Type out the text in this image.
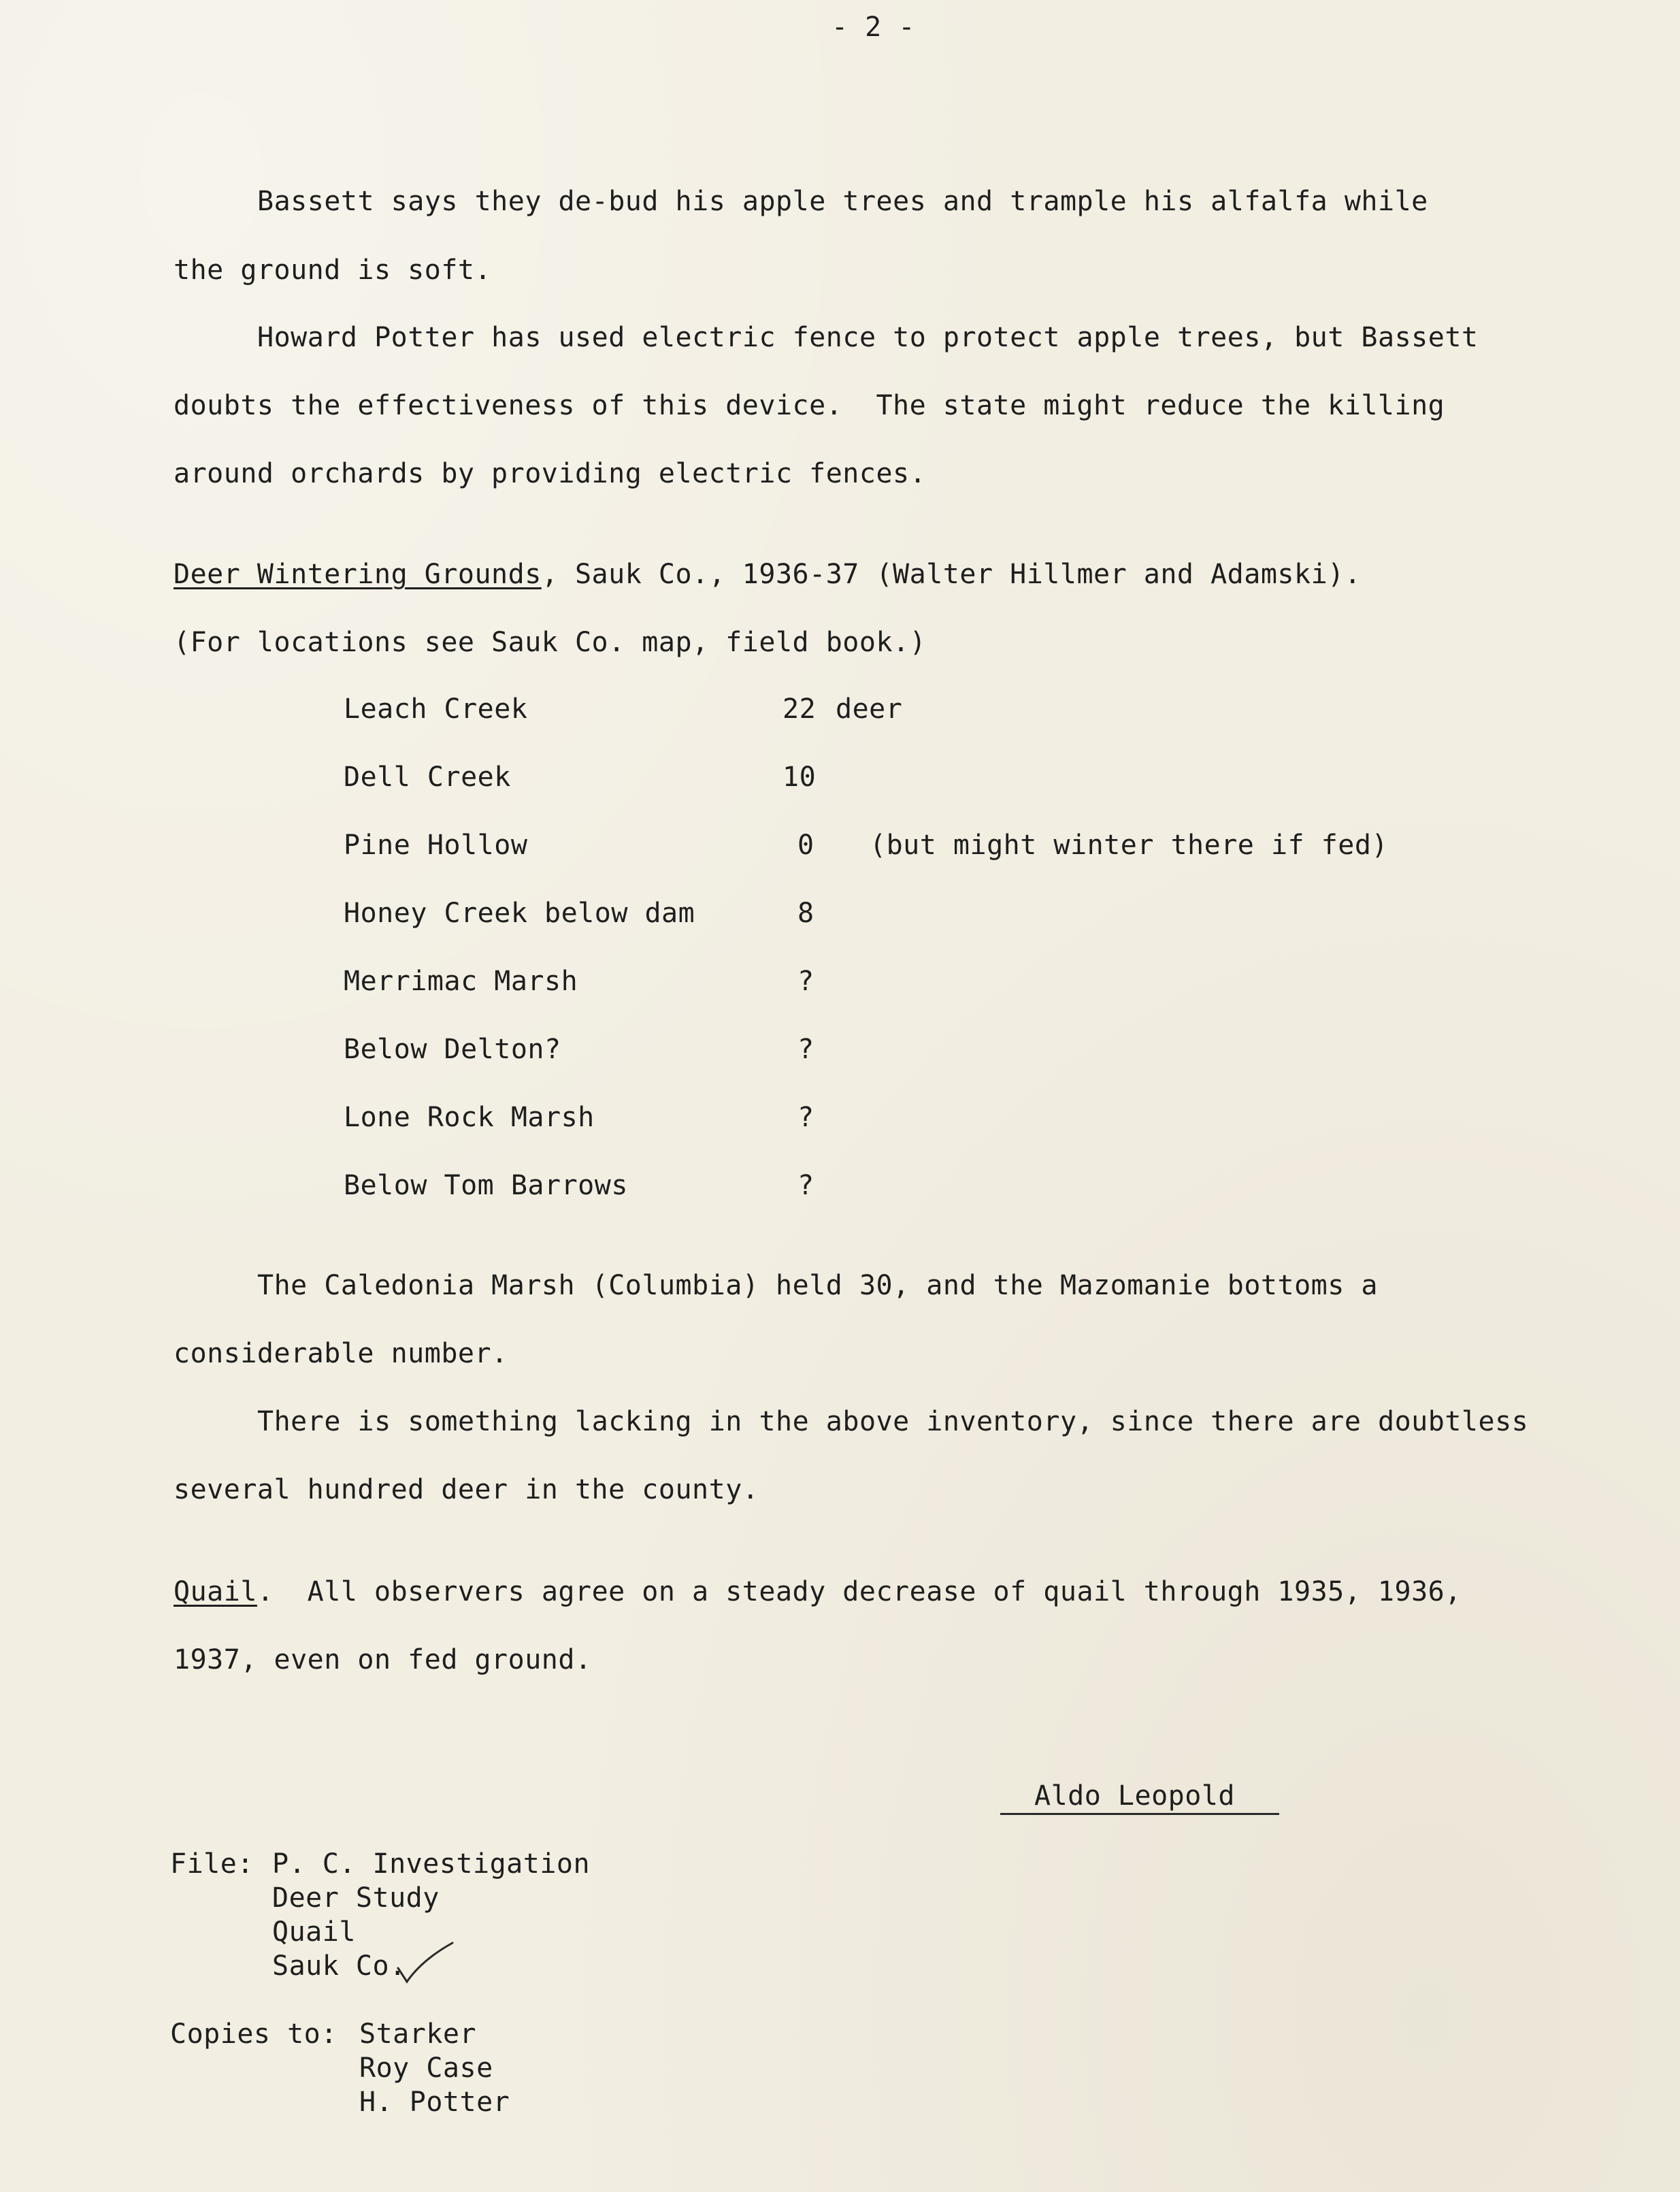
- 2 -
Bassett says they de-bud his apple trees and trample his alfalfa while
the ground is soft.
Howard Potter has used electric fence to protect apple trees, but Bassett
doubts the effectiveness of this device.  The state might reduce the killing
around orchards by providing electric fences.
Deer Wintering Grounds, Sauk Co., 1936-37 (Walter Hillmer and Adamski).
(For locations see Sauk Co. map, field book.)
Leach Creek	22 deer
Dell Creek	10
Pine Hollow	0 (but might winter there if fed)
Honey Creek below dam	8
Merrimac Marsh	?
Below Delton?	?
Lone Rock Marsh	?
Below Tom Barrows	?
The Caledonia Marsh (Columbia) held 30, and the Mazomanie bottoms a
considerable number.
There is something lacking in the above inventory, since there are doubtless
several hundred deer in the county.
Quail.  All observers agree on a steady decrease of quail through 1935, 1936,
1937, even on fed ground.
Aldo Leopold
File: P. C. Investigation
Deer Study
Quail
Sauk Co.
Copies to: Starker
Roy Case
H. Potter
